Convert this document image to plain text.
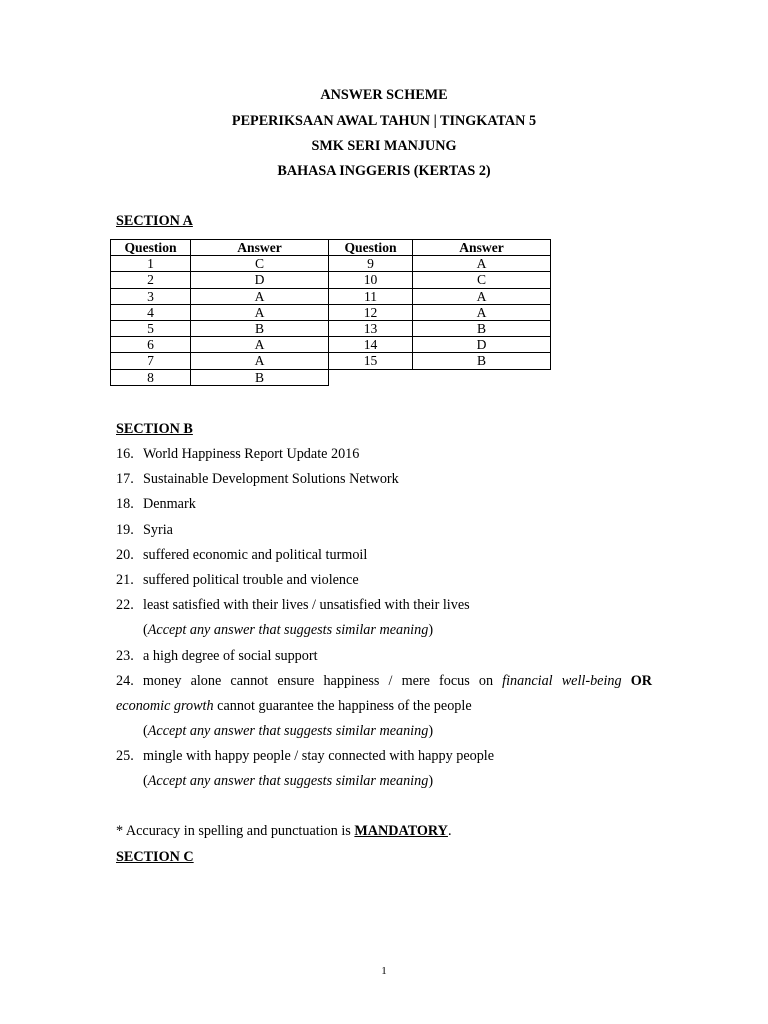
ANSWER SCHEME
PEPERIKSAAN AWAL TAHUN | TINGKATAN 5
SMK SERI MANJUNG
BAHASA INGGERIS (KERTAS 2)
SECTION A
Question	Answer	Question	Answer
1	C	9	A
2	D	10	C
3	A	11	A
4	A	12	A
5	B	13	B
6	A	14	D
7	A	15	B
8	B		
SECTION B
16. World Happiness Report Update 2016
17. Sustainable Development Solutions Network
18. Denmark
19. Syria
20. suffered economic and political turmoil
21. suffered political trouble and violence
22. least satisfied with their lives / unsatisfied with their lives
(Accept any answer that suggests similar meaning)
23. a high degree of social support
24. money alone cannot ensure happiness / mere focus on financial well-being OR
economic growth cannot guarantee the happiness of the people
(Accept any answer that suggests similar meaning)
25. mingle with happy people / stay connected with happy people
(Accept any answer that suggests similar meaning)
* Accuracy in spelling and punctuation is MANDATORY.
SECTION C
1
